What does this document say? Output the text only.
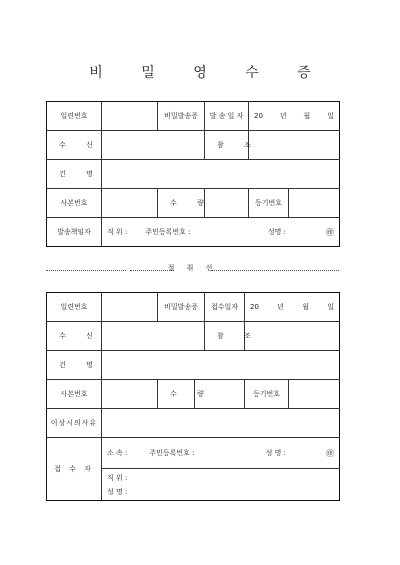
비 밀 영 수 증
일련번호		비밀발송증	발 송 일 자	20 년 월 일	

수 신			참 조		
건 명					
사본번호		수 량		등기번호	
발송책임자	직 위 : 주민등록번호 : 성명 : ㊞				
절 취 선
일련번호		비밀발송증		접수일자	20 년 월 일	

수 신				참 조		
건 명						
사본번호		수 량			등기번호	
이상시의사유						
접 수 자	소 속 : 주민등록번호 : 성 명 : ㊞					

	직 위 :
성 명 :					
